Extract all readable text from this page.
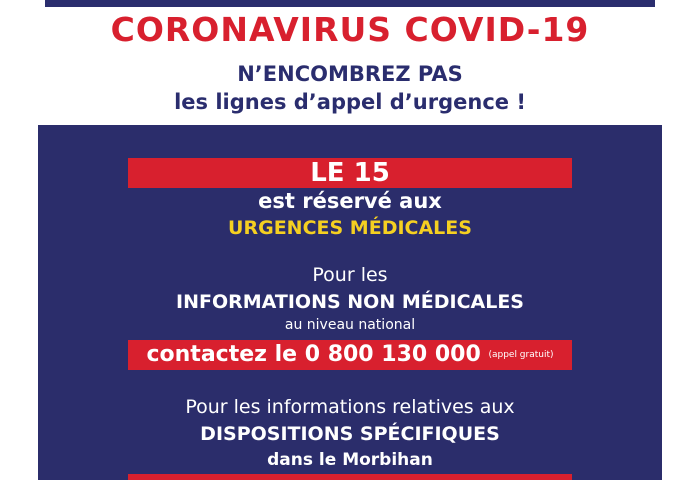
CORONAVIRUS COVID-19
N’ENCOMBREZ PAS
les lignes d’appel d’urgence !
LE 15
est réservé aux
URGENCES MÉDICALES
Pour les
INFORMATIONS NON MÉDICALES
au niveau national
contactez le 0 800 130 000 (appel gratuit)
Pour les informations relatives aux
DISPOSITIONS SPÉCIFIQUES
dans le Morbihan
